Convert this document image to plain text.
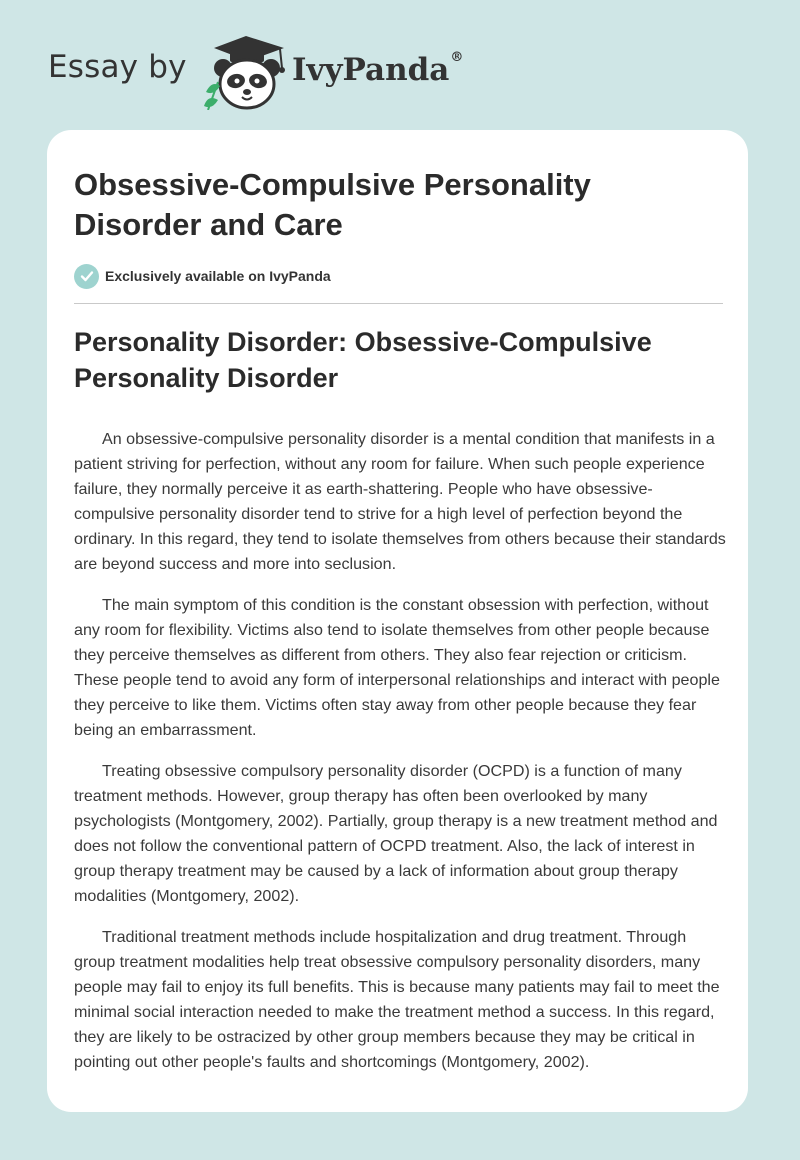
Essay by	IvyPanda®
Obsessive-Compulsive Personality Disorder and Care
Exclusively available on IvyPanda
Personality Disorder: Obsessive-Compulsive Personality Disorder

An obsessive-compulsive personality disorder is a mental condition that manifests in a patient striving for perfection, without any room for failure. When such people experience failure, they normally perceive it as earth-shattering. People who have obsessive-compulsive personality disorder tend to strive for a high level of perfection beyond the ordinary. In this regard, they tend to isolate themselves from others because their standards are beyond success and more into seclusion.

The main symptom of this condition is the constant obsession with perfection, without any room for flexibility. Victims also tend to isolate themselves from other people because they perceive themselves as different from others. They also fear rejection or criticism. These people tend to avoid any form of interpersonal relationships and interact with people they perceive to like them. Victims often stay away from other people because they fear being an embarrassment.

Treating obsessive compulsory personality disorder (OCPD) is a function of many treatment methods. However, group therapy has often been overlooked by many psychologists (Montgomery, 2002). Partially, group therapy is a new treatment method and does not follow the conventional pattern of OCPD treatment. Also, the lack of interest in group therapy treatment may be caused by a lack of information about group therapy modalities (Montgomery, 2002).

Traditional treatment methods include hospitalization and drug treatment. Through group treatment modalities help treat obsessive compulsory personality disorders, many people may fail to enjoy its full benefits. This is because many patients may fail to meet the minimal social interaction needed to make the treatment method a success. In this regard, they are likely to be ostracized by other group members because they may be critical in pointing out other people's faults and shortcomings (Montgomery, 2002).
